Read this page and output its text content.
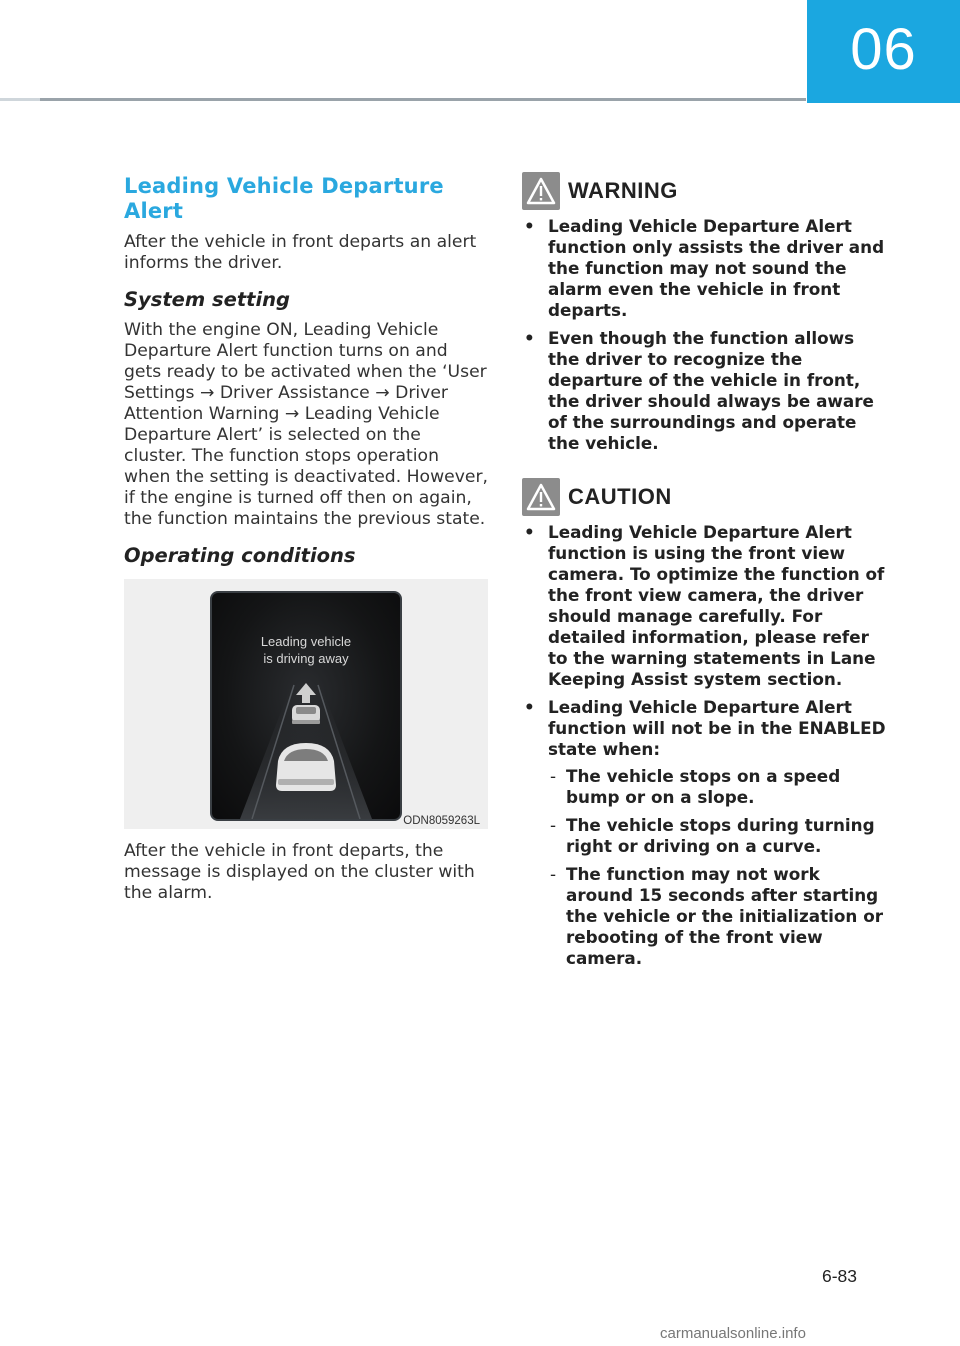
06
Leading Vehicle Departure Alert

After the vehicle in front departs an alert informs the driver.

System setting

With the engine ON, Leading Vehicle Departure Alert function turns on and gets ready to be activated when the ‘User Settings → Driver Assistance → Driver Attention Warning → Leading Vehicle Departure Alert’ is selected on the cluster. The function stops operation when the setting is deactivated. However, if the engine is turned off then on again, the function maintains the previous state.

Operating conditions
Leading vehicle
is driving away
ODN8059263L

After the vehicle in front departs, the message is displayed on the cluster with the alarm.

WARNING
• Leading Vehicle Departure Alert function only assists the driver and the function may not sound the alarm even the vehicle in front departs.
• Even though the function allows the driver to recognize the departure of the vehicle in front, the driver should always be aware of the surroundings and operate the vehicle.
CAUTION
• Leading Vehicle Departure Alert function is using the front view camera. To optimize the function of the front view camera, the driver should manage carefully. For detailed information, please refer to the warning statements in Lane Keeping Assist system section.
• Leading Vehicle Departure Alert function will not be in the ENABLED state when:
- The vehicle stops on a speed bump or on a slope.
- The vehicle stops during turning right or driving on a curve.
- The function may not work around 15 seconds after starting the vehicle or the initialization or rebooting of the front view camera.
6-83
carmanualsonline.info
